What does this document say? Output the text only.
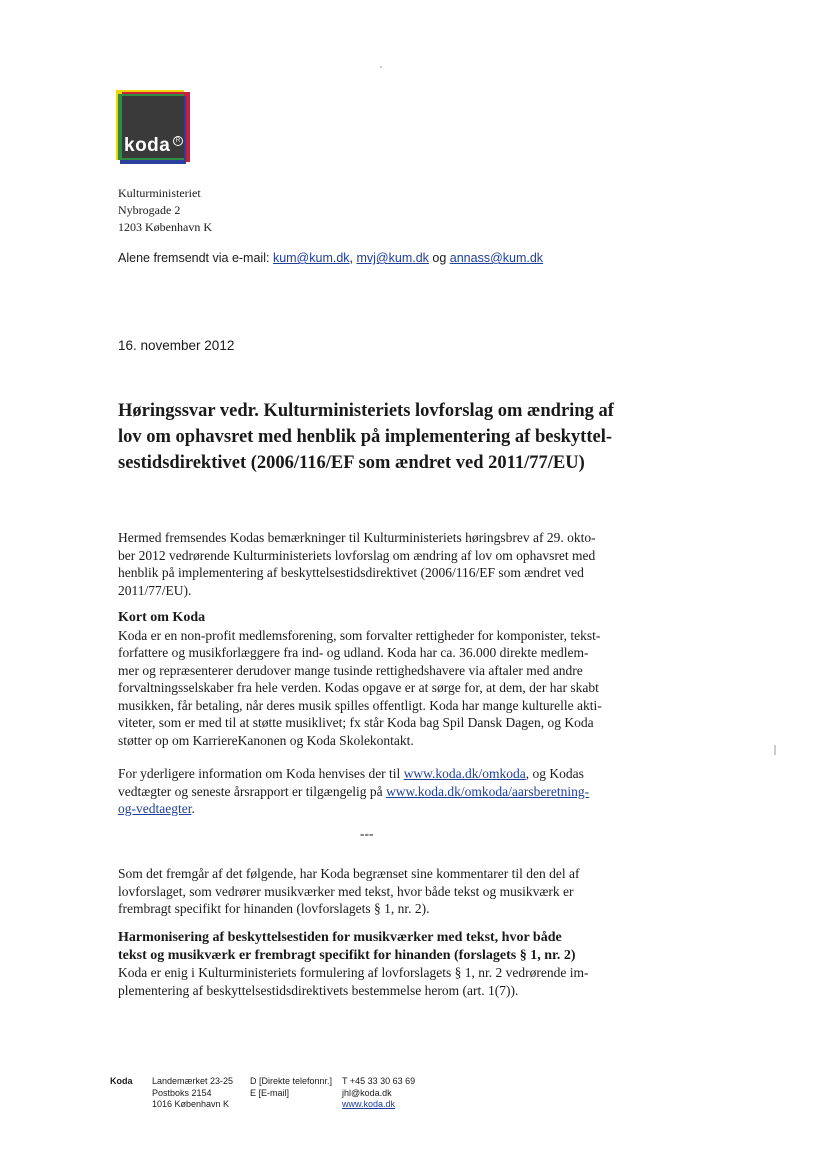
koda R
Kulturministeriet
Nybrogade 2
1203 København K
Alene fremsendt via e-mail: kum@kum.dk, mvj@kum.dk og annass@kum.dk
16. november 2012
Høringssvar vedr. Kulturministeriets lovforslag om ændring af
lov om ophavsret med henblik på implementering af beskyttel-
sestidsdirektivet (2006/116/EF som ændret ved 2011/77/EU)
Hermed fremsendes Kodas bemærkninger til Kulturministeriets høringsbrev af 29. okto-
ber 2012 vedrørende Kulturministeriets lovforslag om ændring af lov om ophavsret med
henblik på implementering af beskyttelsestidsdirektivet (2006/116/EF som ændret ved
2011/77/EU).
Kort om Koda
Koda er en non-profit medlemsforening, som forvalter rettigheder for komponister, tekst-
forfattere og musikforlæggere fra ind- og udland. Koda har ca. 36.000 direkte medlem-
mer og repræsenterer derudover mange tusinde rettighedshavere via aftaler med andre
forvaltningsselskaber fra hele verden. Kodas opgave er at sørge for, at dem, der har skabt
musikken, får betaling, når deres musik spilles offentligt. Koda har mange kulturelle akti-
viteter, som er med til at støtte musiklivet; fx står Koda bag Spil Dansk Dagen, og Koda
støtter op om KarriereKanonen og Koda Skolekontakt.
For yderligere information om Koda henvises der til www.koda.dk/omkoda, og Kodas
vedtægter og seneste årsrapport er tilgængelig på www.koda.dk/omkoda/aarsberetning-
og-vedtaegter.
---
Som det fremgår af det følgende, har Koda begrænset sine kommentarer til den del af
lovforslaget, som vedrører musikværker med tekst, hvor både tekst og musikværk er
frembragt specifikt for hinanden (lovforslagets § 1, nr. 2).
Harmonisering af beskyttelsestiden for musikværker med tekst, hvor både
tekst og musikværk er frembragt specifikt for hinanden (forslagets § 1, nr. 2)
Koda er enig i Kulturministeriets formulering af lovforslagets § 1, nr. 2 vedrørende im-
plementering af beskyttelsestidsdirektivets bestemmelse herom (art. 1(7)).
Koda Landemærket 23-25
Postboks 2154
1016 København K
D [Direkte telefonnr.]
E [E-mail]
T +45 33 30 63 69
jhl@koda.dk
www.koda.dk
